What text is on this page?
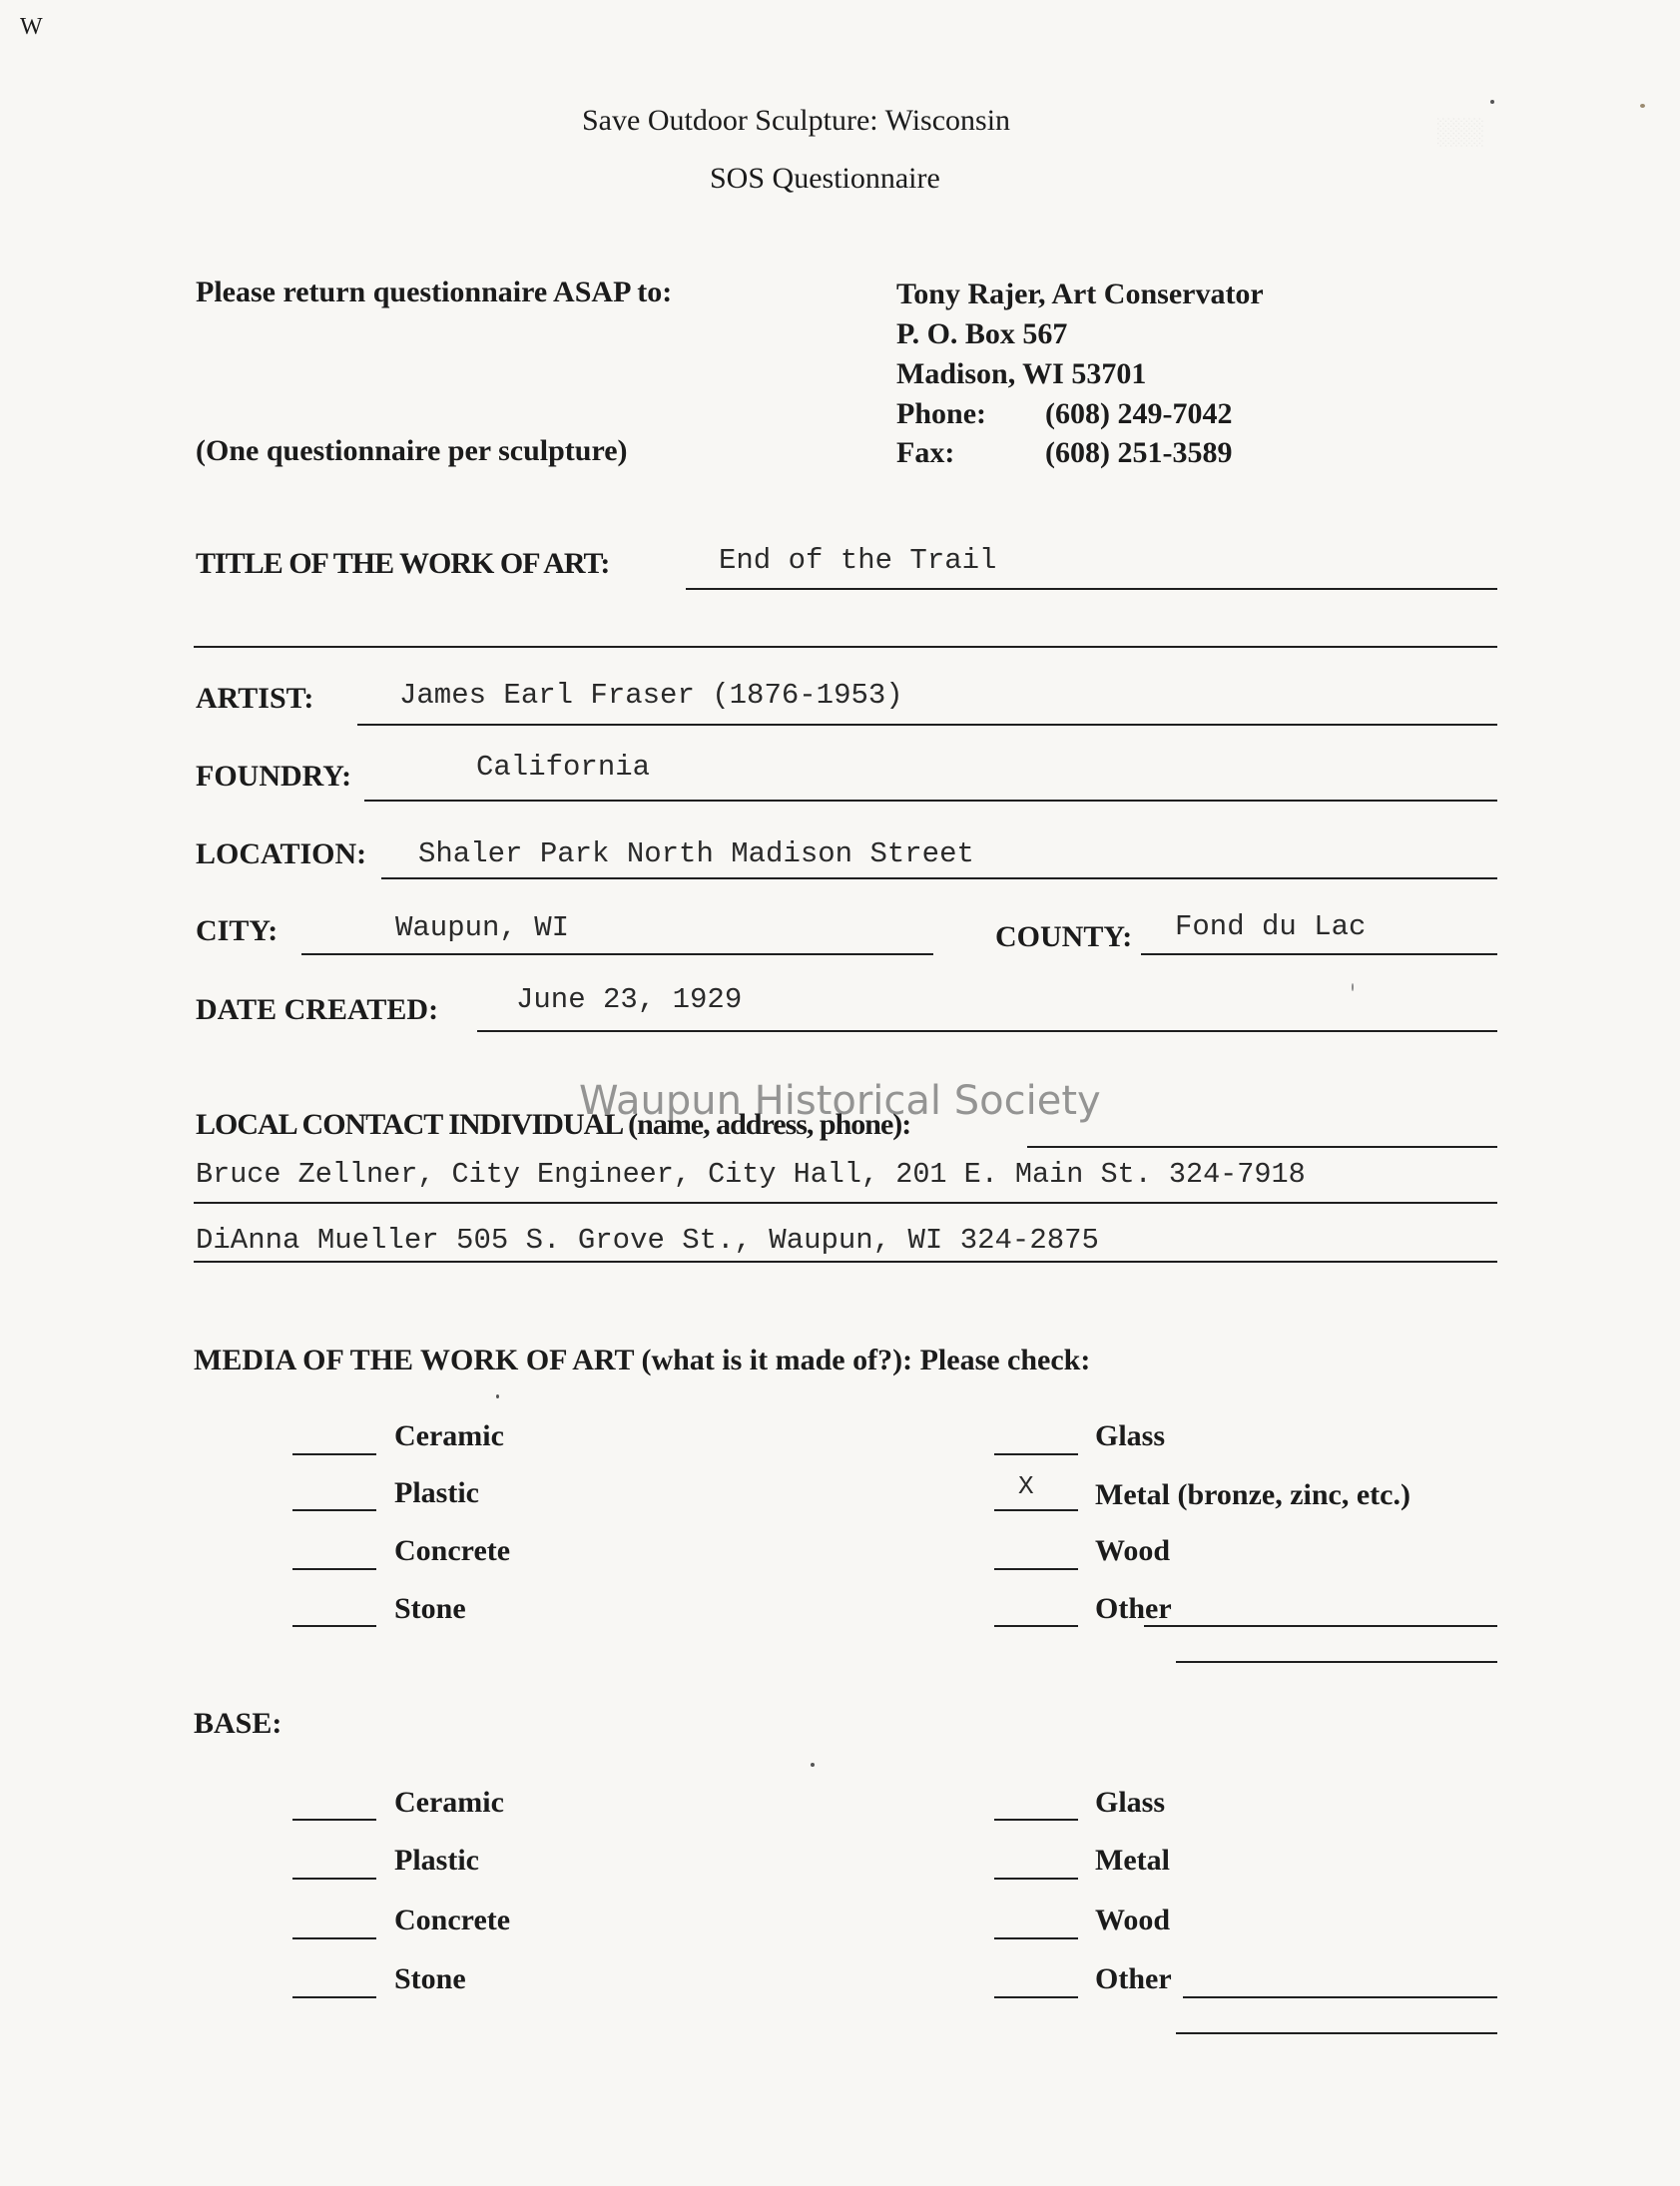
░░░
W
Save Outdoor Sculpture: Wisconsin
SOS Questionnaire
Please return questionnaire ASAP to:
(One questionnaire per sculpture)
Tony Rajer, Art Conservator
P. O. Box 567
Madison, WI 53701
Phone: (608) 249-7042
Fax:	(608) 251-3589
TITLE OF THE WORK OF ART:	End of the Trail
ARTIST:	James Earl Fraser (1876-1953)
FOUNDRY:	California
LOCATION: Shaler Park North Madison Street
CITY:	Waupun, WI	COUNTY: Fond du Lac
DATE CREATED:	June 23, 1929
Waupun Historical Society
LOCAL CONTACT INDIVIDUAL (name, address, phone):
Bruce Zellner, City Engineer, City Hall, 201 E. Main St. 324-7918
DiAnna Mueller 505 S. Grove St., Waupun, WI 324-2875
MEDIA OF THE WORK OF ART (what is it made of?): Please check:
Ceramic
Plastic
Concrete
Stone
Glass
X Metal (bronze, zinc, etc.)
Wood
Other
BASE:
Ceramic
Plastic
Concrete
Stone
Glass
Metal
Wood
Other
